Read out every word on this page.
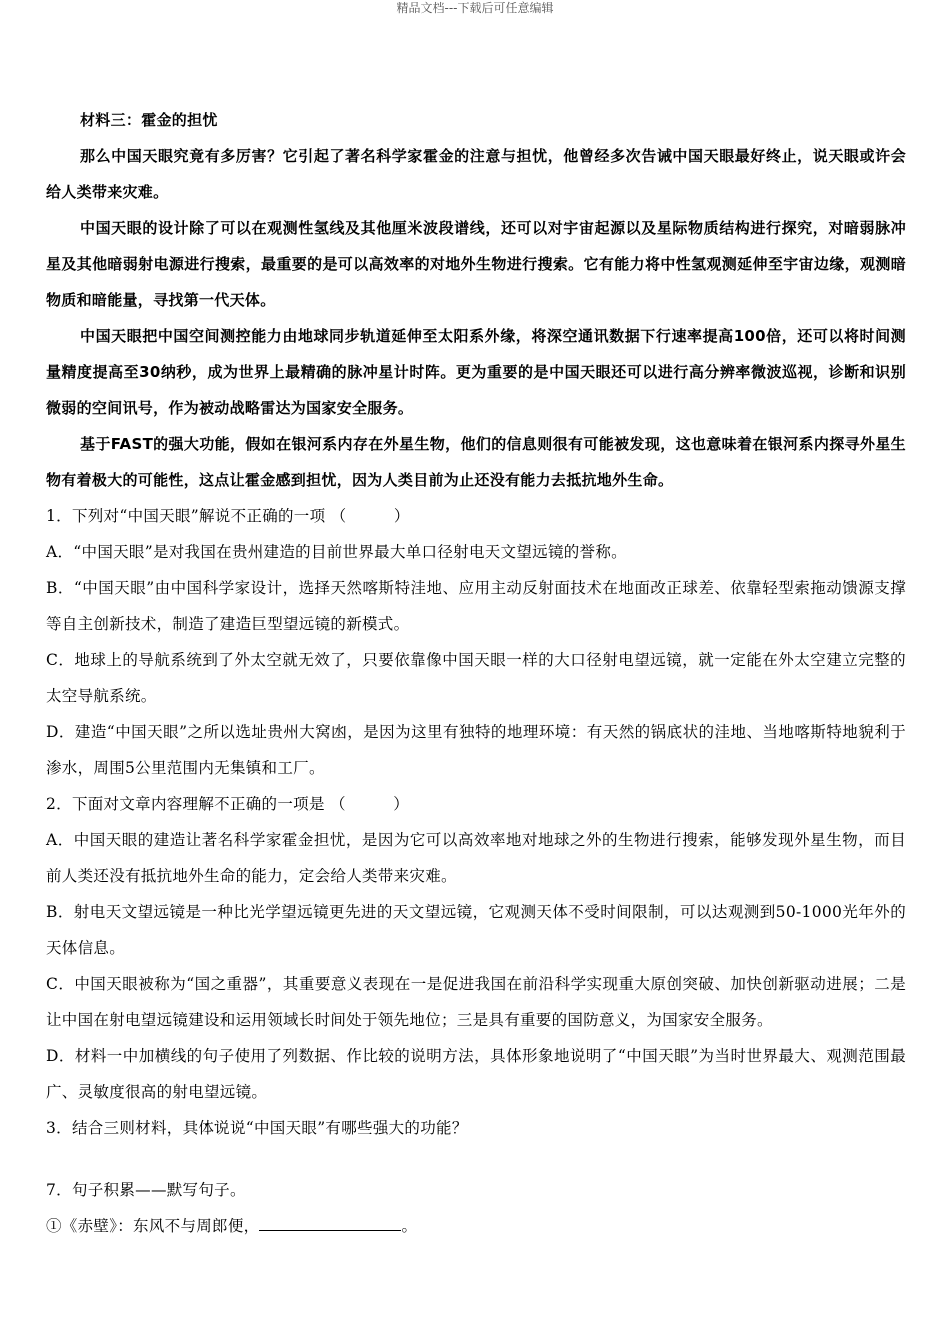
精品文档---下载后可任意编辑

材料三：霍金的担忧

那么中国天眼究竟有多厉害？它引起了著名科学家霍金的注意与担忧，他曾经多次告诫中国天眼最好终止，说天眼或许会给人类带来灾难。

中国天眼的设计除了可以在观测性氢线及其他厘米波段谱线，还可以对宇宙起源以及星际物质结构进行探究，对暗弱脉冲星及其他暗弱射电源进行搜索，最重要的是可以高效率的对地外生物进行搜索。它有能力将中性氢观测延伸至宇宙边缘，观测暗物质和暗能量，寻找第一代天体。

中国天眼把中国空间测控能力由地球同步轨道延伸至太阳系外缘，将深空通讯数据下行速率提高100倍，还可以将时间测量精度提高至30纳秒，成为世界上最精确的脉冲星计时阵。更为重要的是中国天眼还可以进行高分辨率微波巡视，诊断和识别微弱的空间讯号，作为被动战略雷达为国家安全服务。

基于FAST的强大功能，假如在银河系内存在外星生物，他们的信息则很有可能被发现，这也意味着在银河系内探寻外星生物有着极大的可能性，这点让霍金感到担忧，因为人类目前为止还没有能力去抵抗地外生命。

1．下列对“中国天眼”解说不正确的一项 （　　　）

A．“中国天眼”是对我国在贵州建造的目前世界最大单口径射电天文望远镜的誉称。

B．“中国天眼”由中国科学家设计，选择天然喀斯特洼地、应用主动反射面技术在地面改正球差、依靠轻型索拖动馈源支撑等自主创新技术，制造了建造巨型望远镜的新模式。

C．地球上的导航系统到了外太空就无效了，只要依靠像中国天眼一样的大口径射电望远镜，就一定能在外太空建立完整的太空导航系统。

D．建造“中国天眼”之所以选址贵州大窝凼，是因为这里有独特的地理环境：有天然的锅底状的洼地、当地喀斯特地貌利于渗水，周围5公里范围内无集镇和工厂。

2．下面对文章内容理解不正确的一项是 （　　　）

A．中国天眼的建造让著名科学家霍金担忧，是因为它可以高效率地对地球之外的生物进行搜索，能够发现外星生物，而目前人类还没有抵抗地外生命的能力，定会给人类带来灾难。

B．射电天文望远镜是一种比光学望远镜更先进的天文望远镜，它观测天体不受时间限制，可以达观测到50-1000光年外的天体信息。

C．中国天眼被称为“国之重器”，其重要意义表现在一是促进我国在前沿科学实现重大原创突破、加快创新驱动进展；二是让中国在射电望远镜建设和运用领域长时间处于领先地位；三是具有重要的国防意义，为国家安全服务。

D．材料一中加横线的句子使用了列数据、作比较的说明方法，具体形象地说明了“中国天眼”为当时世界最大、观测范围最广、灵敏度很高的射电望远镜。

3．结合三则材料，· · · · 具体说说“中国天眼”有哪些强大的功能？

7．句子积累——默写句子。

①《赤壁》：东风不与周郎便，	。
